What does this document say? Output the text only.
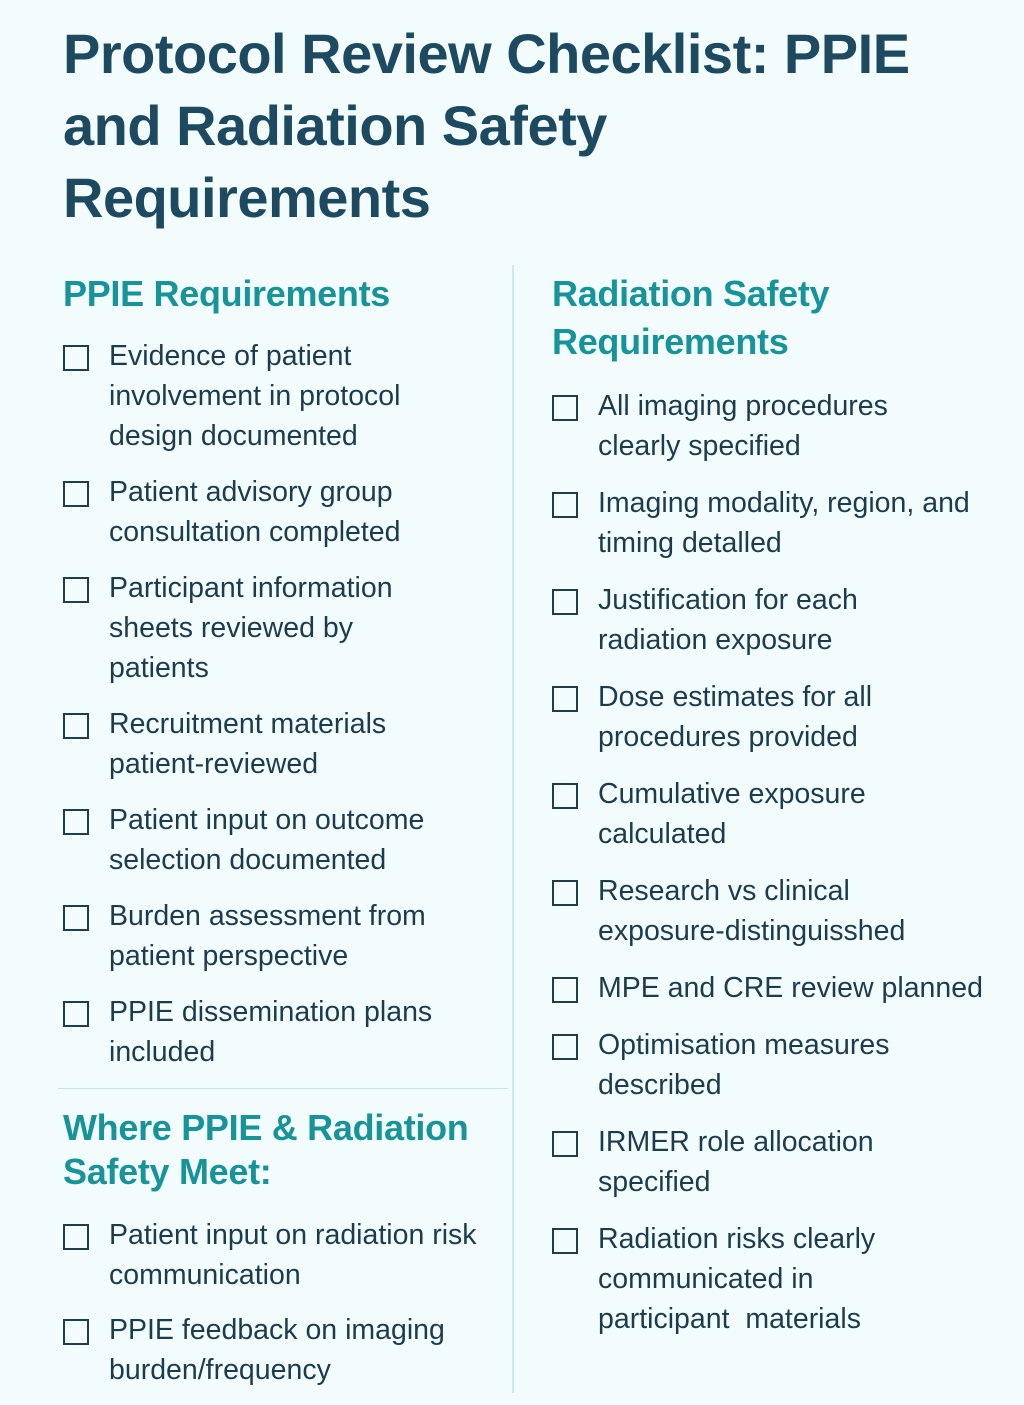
Protocol Review Checklist: PPIE and Radiation Safety Requirements
PPIE Requirements
Evidence of patient involvement in protocol design documented
Patient advisory group consultation completed
Participant information sheets reviewed by patients
Recruitment materials patient-reviewed
Patient input on outcome selection documented
Burden assessment from patient perspective
PPIE dissemination plans included
Where PPIE & Radiation Safety Meet:
Patient input on radiation risk communication
PPIE feedback on imaging burden/frequency
Radiation Safety Requirements
All imaging procedures clearly specified
Imaging modality, region, and timing detalled
Justification for each radiation exposure
Dose estimates for all procedures provided
Cumulative exposure calculated
Research vs clinical exposure-distinguisshed
MPE and CRE review planned
Optimisation measures described
IRMER role allocation specified
Radiation risks clearly communicated in participant  materials
